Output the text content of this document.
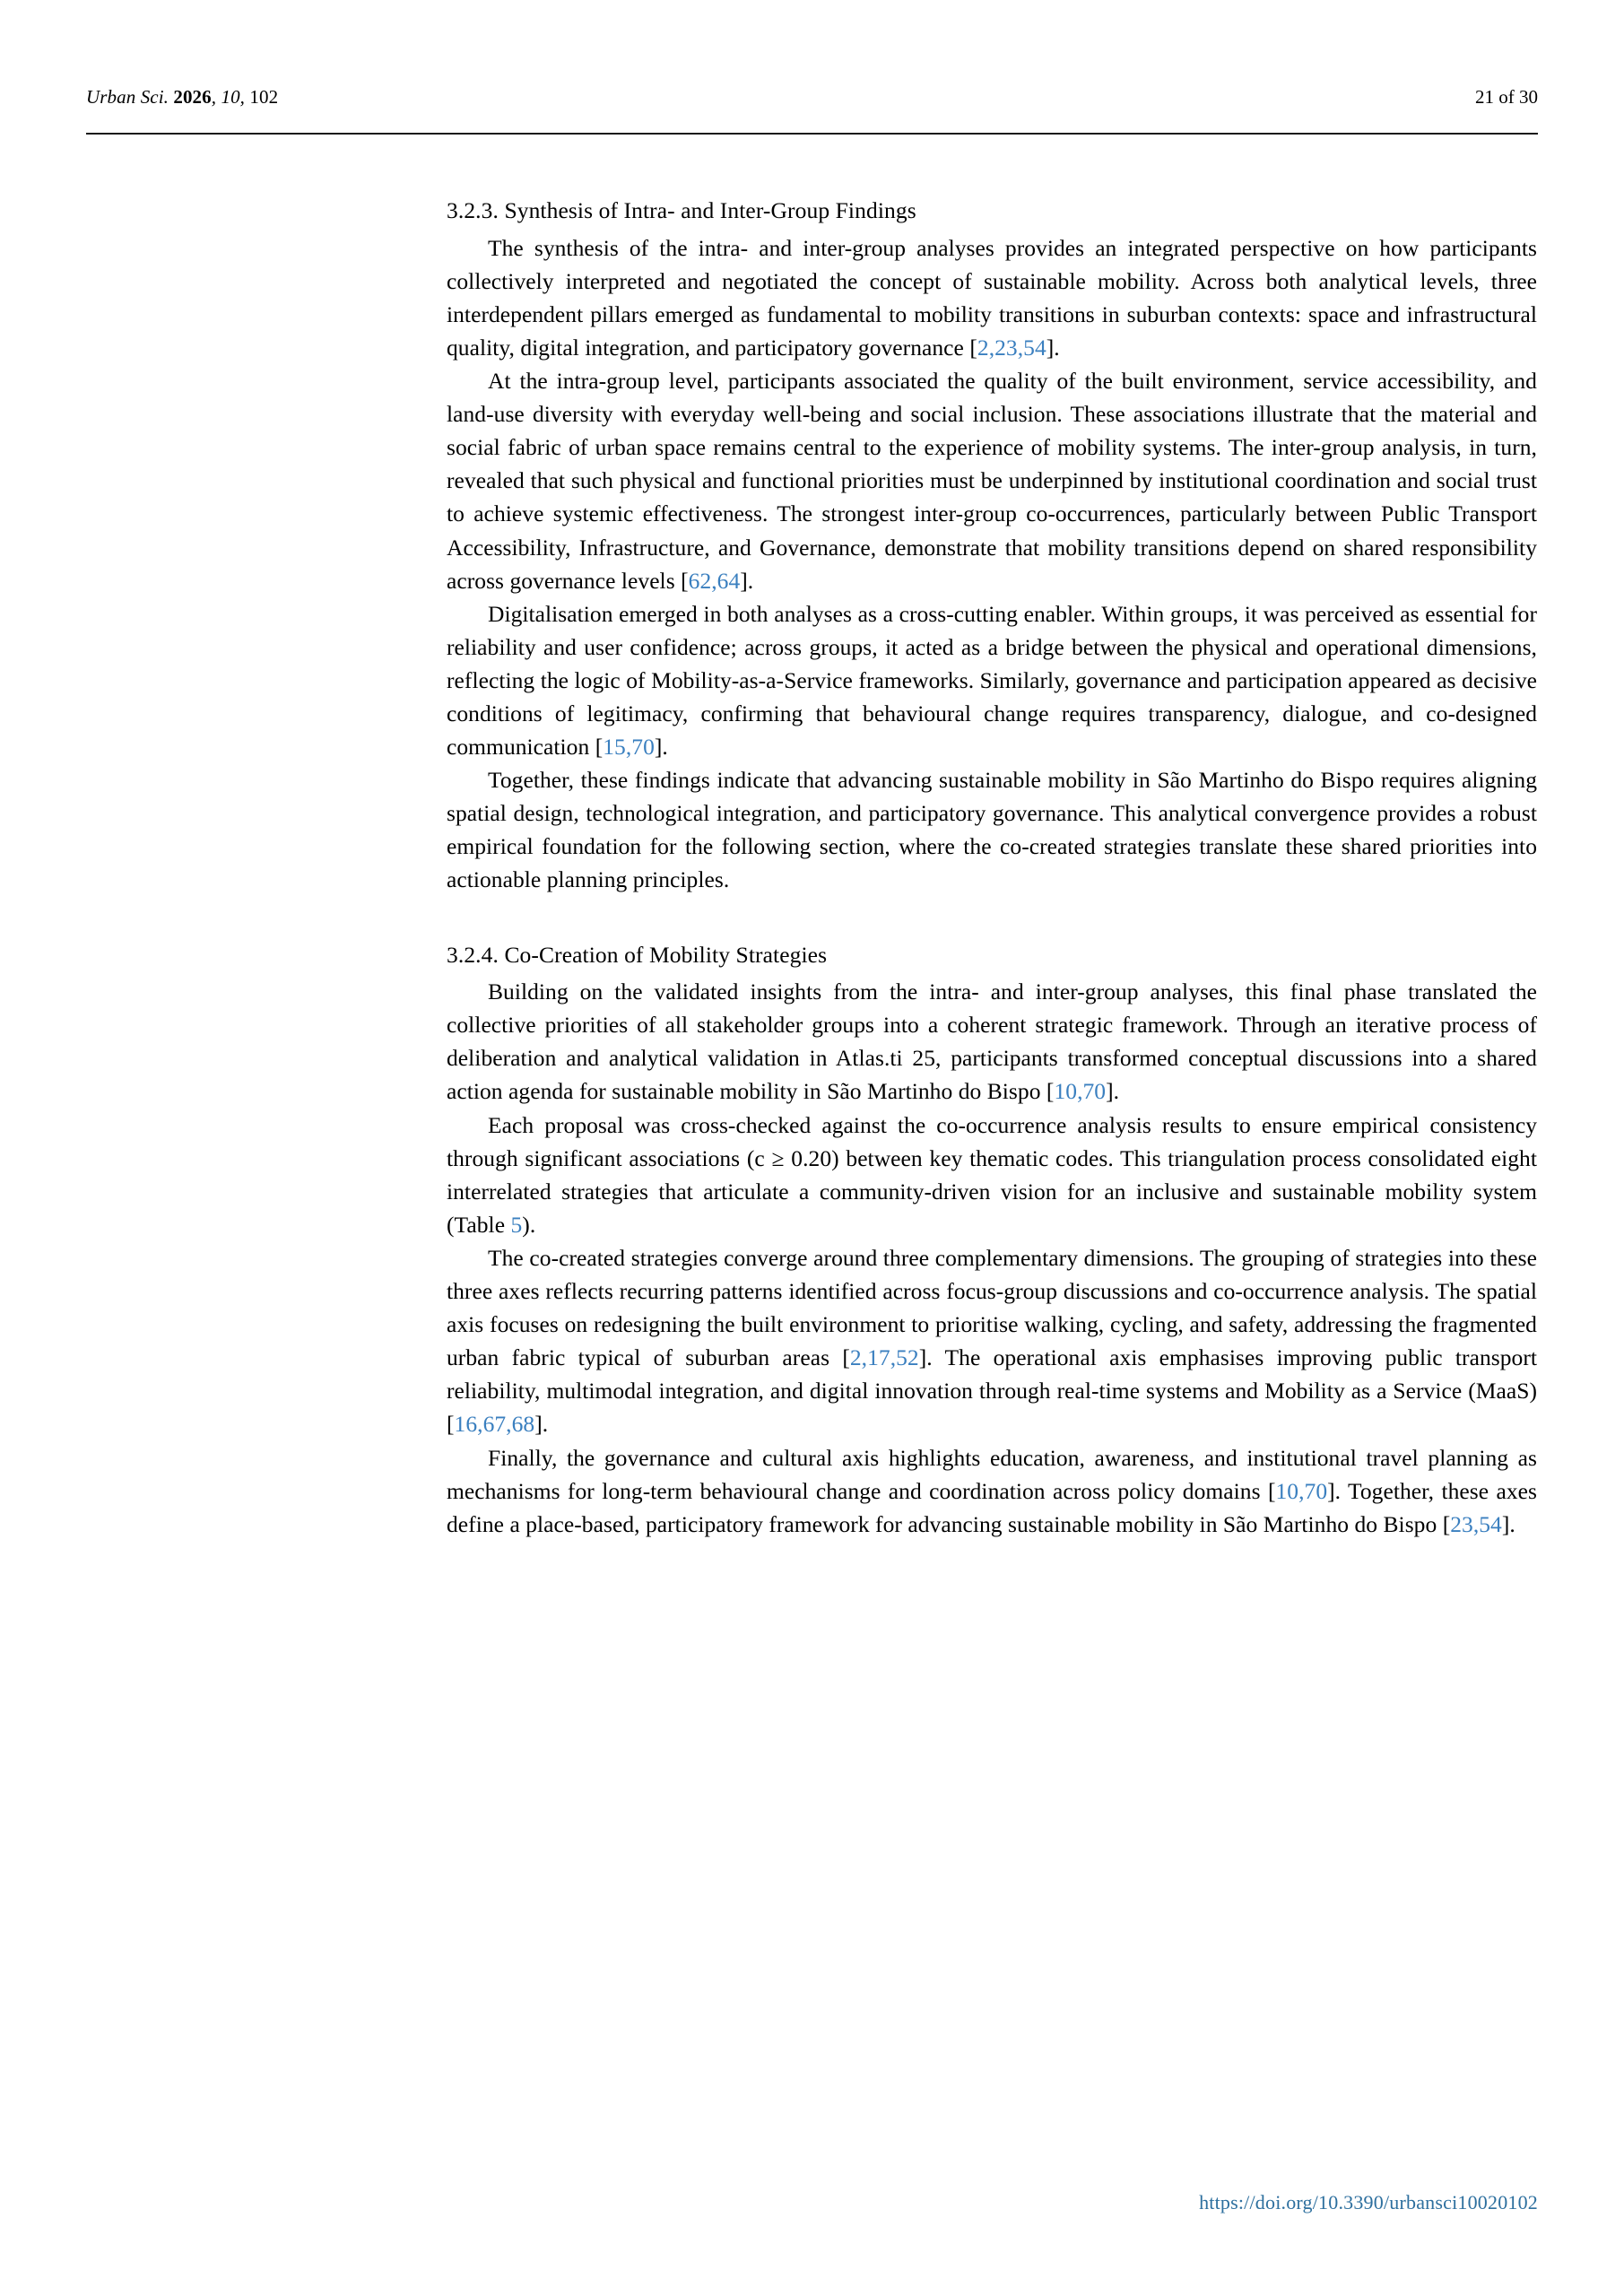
Urban Sci. 2026, 10, 102	21 of 30
3.2.3. Synthesis of Intra- and Inter-Group Findings

The synthesis of the intra- and inter-group analyses provides an integrated perspective on how participants collectively interpreted and negotiated the concept of sustainable mobility. Across both analytical levels, three interdependent pillars emerged as fundamental to mobility transitions in suburban contexts: space and infrastructural quality, digital integration, and participatory governance [2,23,54].

At the intra-group level, participants associated the quality of the built environment, service accessibility, and land-use diversity with everyday well-being and social inclusion. These associations illustrate that the material and social fabric of urban space remains central to the experience of mobility systems. The inter-group analysis, in turn, revealed that such physical and functional priorities must be underpinned by institutional coordination and social trust to achieve systemic effectiveness. The strongest inter-group co-occurrences, particularly between Public Transport Accessibility, Infrastructure, and Governance, demonstrate that mobility transitions depend on shared responsibility across governance levels [62,64].

Digitalisation emerged in both analyses as a cross-cutting enabler. Within groups, it was perceived as essential for reliability and user confidence; across groups, it acted as a bridge between the physical and operational dimensions, reflecting the logic of Mobility-as-a-Service frameworks. Similarly, governance and participation appeared as decisive conditions of legitimacy, confirming that behavioural change requires transparency, dialogue, and co-designed communication [15,70].

Together, these findings indicate that advancing sustainable mobility in São Martinho do Bispo requires aligning spatial design, technological integration, and participatory governance. This analytical convergence provides a robust empirical foundation for the following section, where the co-created strategies translate these shared priorities into actionable planning principles.

3.2.4. Co-Creation of Mobility Strategies

Building on the validated insights from the intra- and inter-group analyses, this final phase translated the collective priorities of all stakeholder groups into a coherent strategic framework. Through an iterative process of deliberation and analytical validation in Atlas.ti 25, participants transformed conceptual discussions into a shared action agenda for sustainable mobility in São Martinho do Bispo [10,70].

Each proposal was cross-checked against the co-occurrence analysis results to ensure empirical consistency through significant associations (c ≥ 0.20) between key thematic codes. This triangulation process consolidated eight interrelated strategies that articulate a community-driven vision for an inclusive and sustainable mobility system (Table 5).

The co-created strategies converge around three complementary dimensions. The grouping of strategies into these three axes reflects recurring patterns identified across focus-group discussions and co-occurrence analysis. The spatial axis focuses on redesigning the built environment to prioritise walking, cycling, and safety, addressing the fragmented urban fabric typical of suburban areas [2,17,52]. The operational axis emphasises improving public transport reliability, multimodal integration, and digital innovation through real-time systems and Mobility as a Service (MaaS) [16,67,68].

Finally, the governance and cultural axis highlights education, awareness, and institutional travel planning as mechanisms for long-term behavioural change and coordination across policy domains [10,70]. Together, these axes define a place-based, participatory framework for advancing sustainable mobility in São Martinho do Bispo [23,54].

https://doi.org/10.3390/urbansci10020102
